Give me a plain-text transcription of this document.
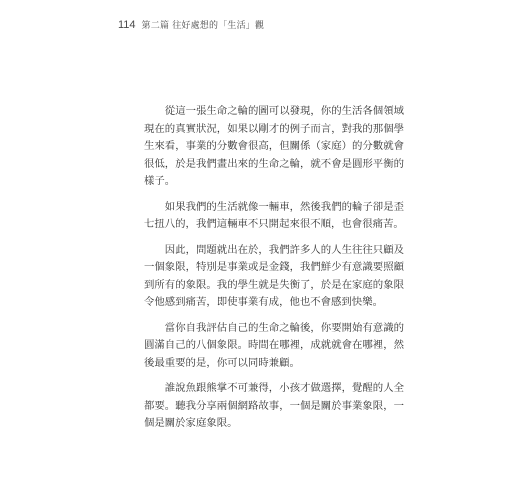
114 第二篇 往好處想的「生活」觀

從這一張生命之輪的圖可以發現，你的生活各個領域現在的真實狀況，如果以剛才的例子而言，對我的那個學生來看，事業的分數會很高，但關係（家庭）的分數就會很低，於是我們畫出來的生命之輪，就不會是圓形平衡的樣子。

如果我們的生活就像一輛車，然後我們的輪子卻是歪七扭八的，我們這輛車不只開起來很不順，也會很痛苦。

因此，問題就出在於，我們許多人的人生往往只顧及一個象限，特別是事業或是金錢，我們鮮少有意識要照顧到所有的象限。我的學生就是失衡了，於是在家庭的象限令他感到痛苦，即使事業有成，他也不會感到快樂。

當你自我評估自己的生命之輪後，你要開始有意識的圓滿自己的八個象限。時間在哪裡，成就就會在哪裡，然後最重要的是，你可以同時兼顧。

誰說魚跟熊掌不可兼得，小孩才做選擇，覺醒的人全都要。聽我分享兩個網路故事，一個是關於事業象限，一個是關於家庭象限。
